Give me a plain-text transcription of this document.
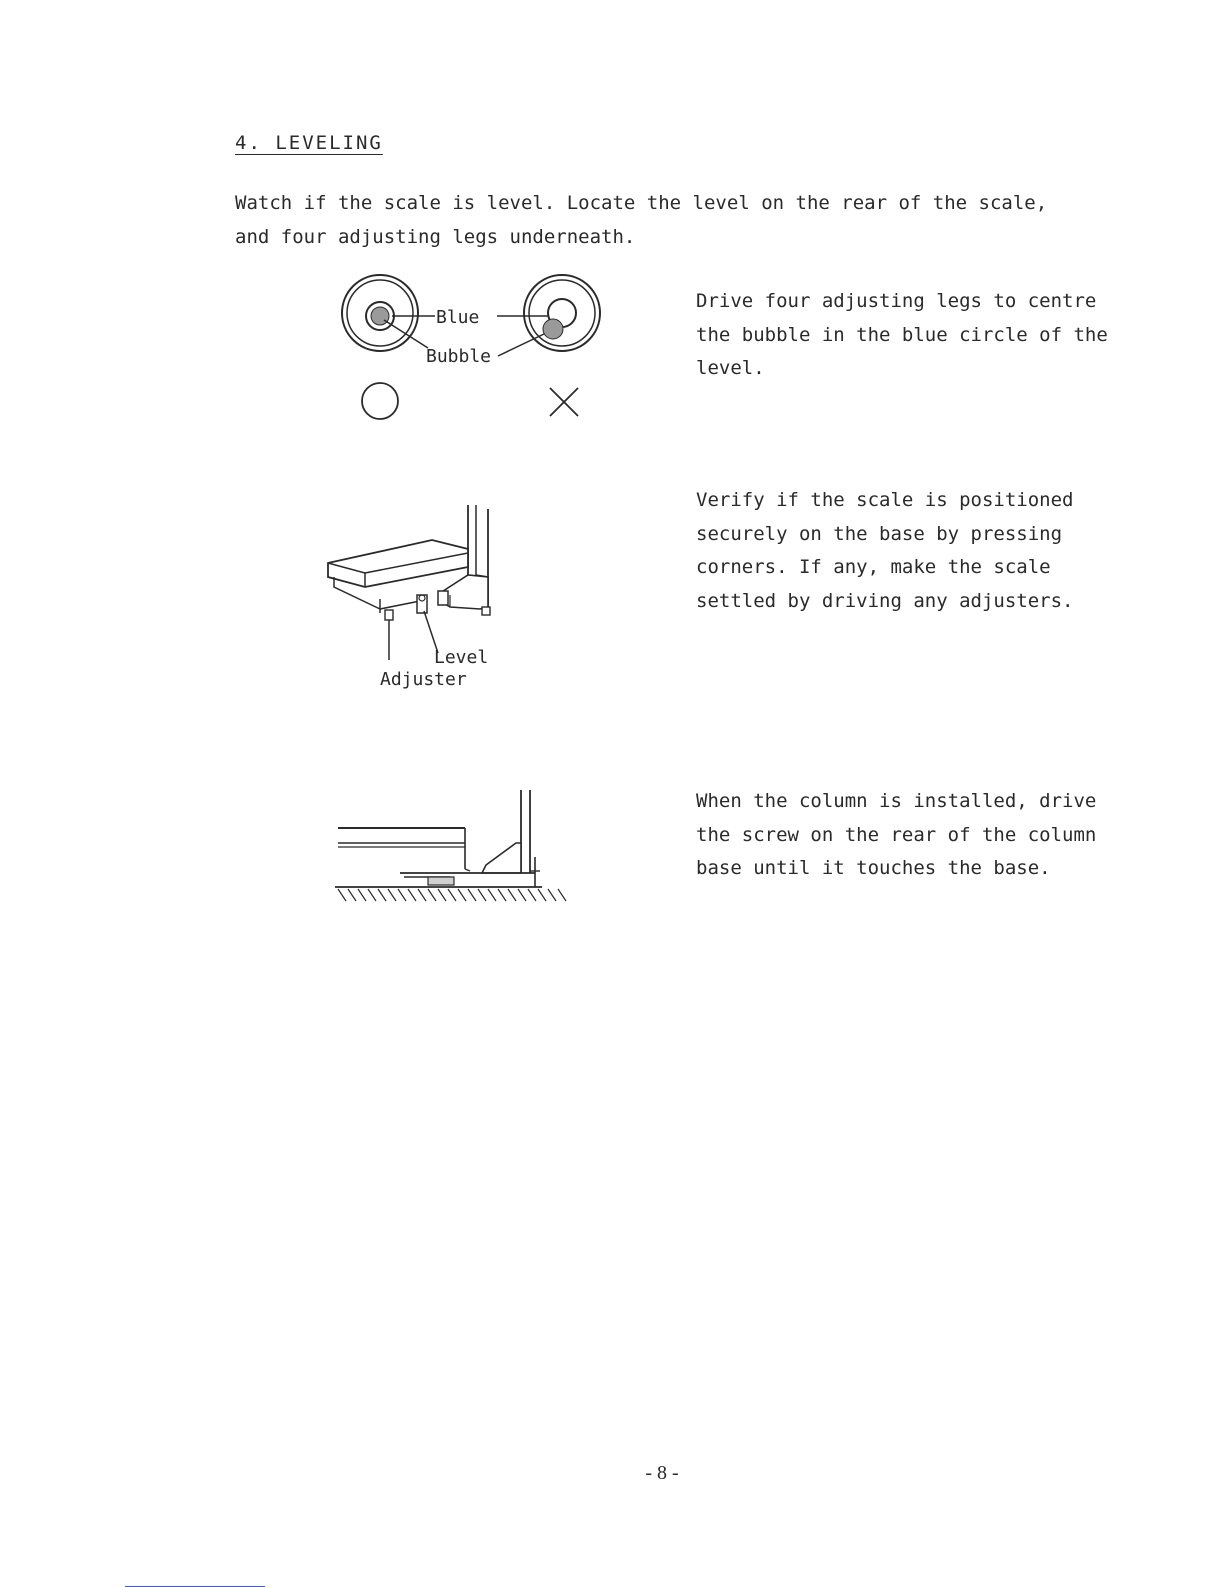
4. LEVELING

Watch if the scale is level. Locate the level on the rear of the scale,
and four adjusting legs underneath.

Blue
Bubble

Drive four adjusting legs to centre
the bubble in the blue circle of the
level.

Level
Adjuster

Verify if the scale is positioned
securely on the base by pressing
corners. If any, make the scale
settled by driving any adjusters.

When the column is installed, drive
the screw on the rear of the column
base until it touches the base.

- 8 -
